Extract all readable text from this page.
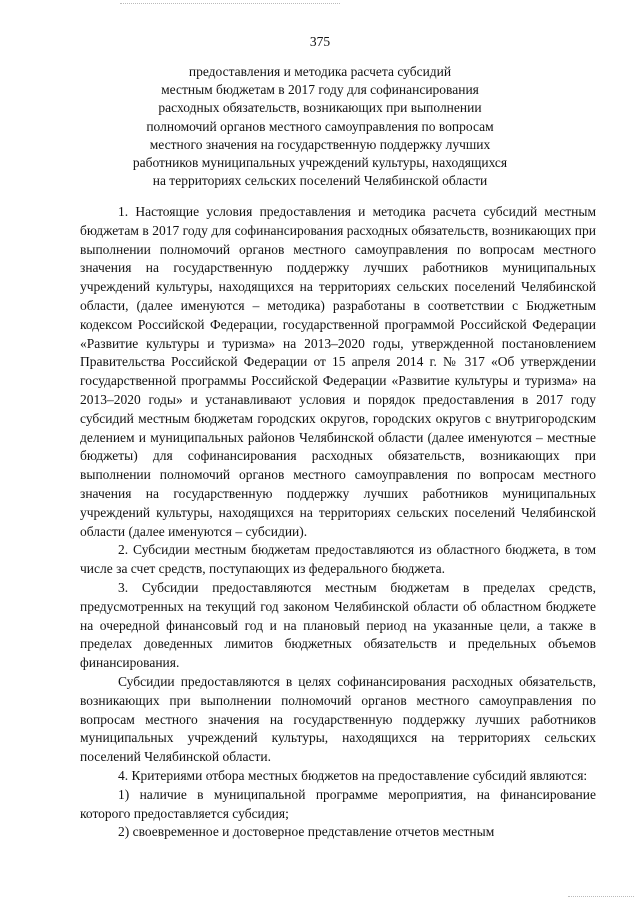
375
предоставления и методика расчета субсидий
местным бюджетам в 2017 году для софинансирования
расходных обязательств, возникающих при выполнении
полномочий органов местного самоуправления по вопросам
местного значения на государственную поддержку лучших
работников муниципальных учреждений культуры, находящихся
на территориях сельских поселений Челябинской области

1. Настоящие условия предоставления и методика расчета субсидий местным бюджетам в 2017 году для софинансирования расходных обязательств, возникающих при выполнении полномочий органов местного самоуправления по вопросам местного значения на государственную поддержку лучших работников муниципальных учреждений культуры, находящихся на территориях сельских поселений Челябинской области, (далее именуются – методика) разработаны в соответствии с Бюджетным кодексом Российской Федерации, государственной программой Российской Федерации «Развитие культуры и туризма» на 2013–2020 годы, утвержденной постановлением Правительства Российской Федерации от 15 апреля 2014 г. № 317 «Об утверждении государственной программы Российской Федерации «Развитие культуры и туризма» на 2013–2020 годы» и устанавливают условия и порядок предоставления в 2017 году субсидий местным бюджетам городских округов, городских округов с внутригородским делением и муниципальных районов Челябинской области (далее именуются – местные бюджеты) для софинансирования расходных обязательств, возникающих при выполнении полномочий органов местного самоуправления по вопросам местного значения на государственную поддержку лучших работников муниципальных учреждений культуры, находящихся на территориях сельских поселений Челябинской области (далее именуются – субсидии).

2. Субсидии местным бюджетам предоставляются из областного бюджета, в том числе за счет средств, поступающих из федерального бюджета.

3. Субсидии предоставляются местным бюджетам в пределах средств, предусмотренных на текущий год законом Челябинской области об областном бюджете на очередной финансовый год и на плановый период на указанные цели, а также в пределах доведенных лимитов бюджетных обязательств и предельных объемов финансирования.

Субсидии предоставляются в целях софинансирования расходных обязательств, возникающих при выполнении полномочий органов местного самоуправления по вопросам местного значения на государственную поддержку лучших работников муниципальных учреждений культуры, находящихся на территориях сельских поселений Челябинской области.

4. Критериями отбора местных бюджетов на предоставление субсидий являются:

1) наличие в муниципальной программе мероприятия, на финансирование которого предоставляется субсидия;

2) своевременное и достоверное представление отчетов местным
